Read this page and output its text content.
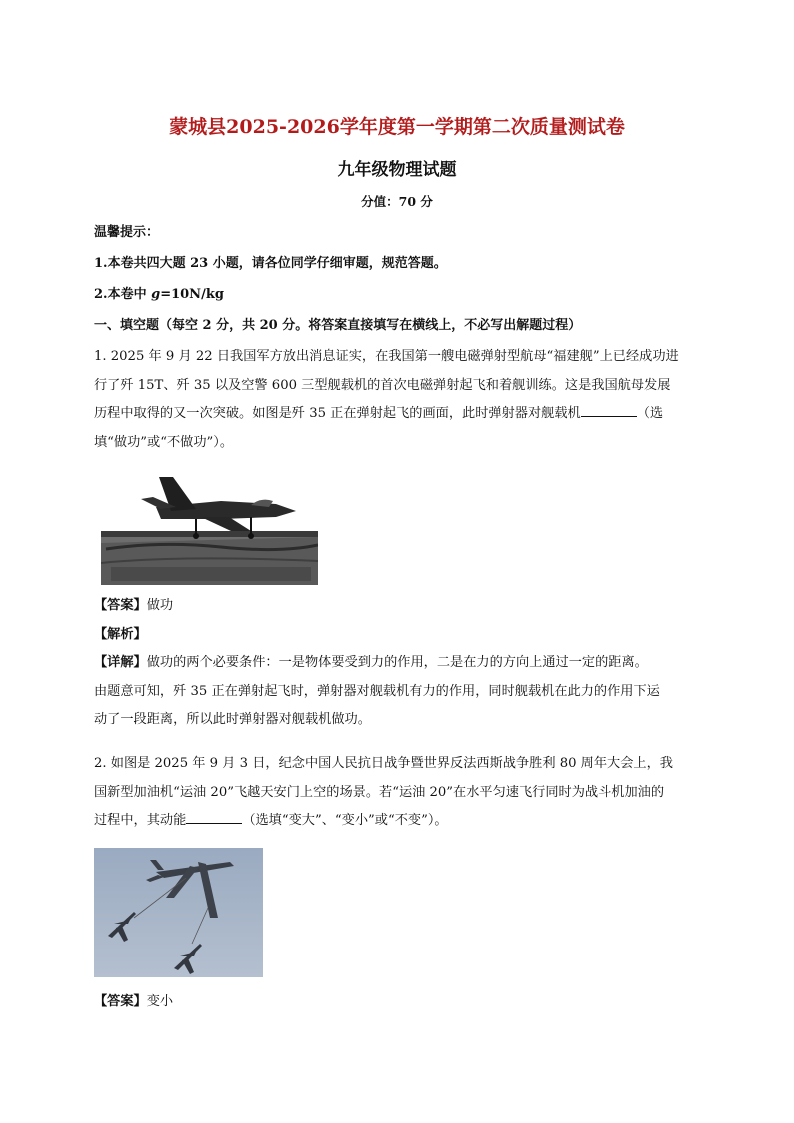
蒙城县2025-2026学年度第一学期第二次质量测试卷
九年级物理试题
分值：70 分
温馨提示：
1.本卷共四大题 23 小题，请各位同学仔细审题，规范答题。
2.本卷中 g=10N/kg
一、填空题（每空 2 分，共 20 分。将答案直接填写在横线上，不必写出解题过程）
1. 2025 年 9 月 22 日我国军方放出消息证实，在我国第一艘电磁弹射型航母“福建舰”上已经成功进
行了歼 15T、歼 35 以及空警 600 三型舰载机的首次电磁弹射起飞和着舰训练。这是我国航母发展
历程中取得的又一次突破。如图是歼 35 正在弹射起飞的画面，此时弹射器对舰载机	（选
填“做功”或“不做功”）。
【答案】做功
【解析】
【详解】做功的两个必要条件：一是物体要受到力的作用，二是在力的方向上通过一定的距离。
由题意可知，歼 35 正在弹射起飞时，弹射器对舰载机有力的作用，同时舰载机在此力的作用下运
动了一段距离，所以此时弹射器对舰载机做功。
2. 如图是 2025 年 9 月 3 日，纪念中国人民抗日战争暨世界反法西斯战争胜利 80 周年大会上，我
国新型加油机“运油 20”飞越天安门上空的场景。若“运油 20”在水平匀速飞行同时为战斗机加油的
过程中，其动能	（选填“变大”、“变小”或“不变”）。
【答案】变小
